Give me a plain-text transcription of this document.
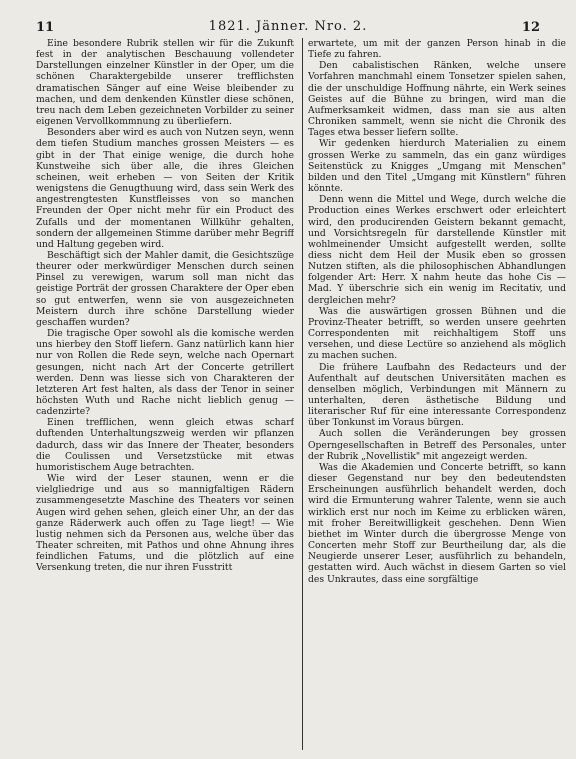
11	1821. Jänner. Nro. 2.	12

Eine besondere Rubrik stellen wir für die Zukunft fest in der analytischen Beschauung vollendeter Darstellungen einzelner Künstler in der Oper, um die schönen Charaktergebilde unserer trefflichsten dramatischen Sänger auf eine Weise bleibender zu machen, und dem denkenden Künstler diese schönen, treu nach dem Leben gezeichneten Vorbilder zu seiner eigenen Vervollkommnung zu überliefern.

Besonders aber wird es auch von Nutzen seyn, wenn dem tiefen Studium manches grossen Meisters — es gibt in der That einige wenige, die durch hohe Kunstweihe sich über alle, die ihres Gleichen scheinen, weit erheben — von Seiten der Kritik wenigstens die Genugthuung wird, dass sein Werk des angestrengtesten Kunstfleisses von so manchen Freunden der Oper nicht mehr für ein Product des Zufalls und der momentanen Willkühr gehalten, sondern der allgemeinen Stimme darüber mehr Begriff und Haltung gegeben wird.

Beschäftigt sich der Mahler damit, die Gesichtszüge theurer oder merkwürdiger Menschen durch seinen Pinsel zu verewigen, warum soll man nicht das geistige Porträt der grossen Charaktere der Oper eben so gut entwerfen, wenn sie von ausgezeichneten Meistern durch ihre schöne Darstellung wieder geschaffen wurden?

Die tragische Oper sowohl als die komische werden uns hierbey den Stoff liefern. Ganz natürlich kann hier nur von Rollen die Rede seyn, welche nach Opernart gesungen, nicht nach Art der Concerte getrillert werden. Denn was liesse sich von Charakteren der letzteren Art fest halten, als dass der Tenor in seiner höchsten Wuth und Rache nicht lieblich genug — cadenzirte?

Einen trefflichen, wenn gleich etwas scharf duftenden Unterhaltungszweig werden wir pflanzen dadurch, dass wir das Innere der Theater, besonders die Coulissen und Versetzstücke mit etwas humoristischem Auge betrachten.

Wie wird der Leser staunen, wenn er die vielgliedrige und aus so mannigfaltigen Rädern zusammengesetzte Maschine des Theaters vor seinen Augen wird gehen sehen, gleich einer Uhr, an der das ganze Räderwerk auch offen zu Tage liegt! — Wie lustig nehmen sich da Personen aus, welche über das Theater schreiten, mit Pathos und ohne Ahnung ihres feindlichen Fatums, und die plötzlich auf eine Versenkung treten, die nur ihren Fusstritt

erwartete, um mit der ganzen Person hinab in die Tiefe zu fahren.

Den cabalistischen Ränken, welche unsere Vorfahren manchmahl einem Tonsetzer spielen sahen, die der unschuldige Hoffnung nährte, ein Werk seines Geistes auf die Bühne zu bringen, wird man die Aufmerksamkeit widmen, dass man sie aus alten Chroniken sammelt, wenn sie nicht die Chronik des Tages etwa besser liefern sollte.

Wir gedenken hierdurch Materialien zu einem grossen Werke zu sammeln, das ein ganz würdiges Seitenstück zu Knigges „Umgang mit Menschen" bilden und den Titel „Umgang mit Künstlern" führen könnte.

Denn wenn die Mittel und Wege, durch welche die Production eines Werkes erschwert oder erleichtert wird, den producirenden Geistern bekannt gemacht, und Vorsichtsregeln für darstellende Künstler mit wohlmeinender Umsicht aufgestellt werden, sollte diess nicht dem Heil der Musik eben so grossen Nutzen stiften, als die philosophischen Abhandlungen folgender Art: Herr. X nahm heute das hohe Cis — Mad. Y überschrie sich ein wenig im Recitativ, und dergleichen mehr?

Was die auswärtigen grossen Bühnen und die Provinz-Theater betrifft, so werden unsere geehrten Correspondenten mit reichhaltigem Stoff uns versehen, und diese Lectüre so anziehend als möglich zu machen suchen.

Die frühere Laufbahn des Redacteurs und der Aufenthalt auf deutschen Universitäten machen es denselben möglich, Verbindungen mit Männern zu unterhalten, deren ästhetische Bildung und literarischer Ruf für eine interessante Correspondenz über Tonkunst im Voraus bürgen.

Auch sollen die Veränderungen bey grossen Operngesellschaften in Betreff des Personales, unter der Rubrik „Novellistik" mit angezeigt werden.

Was die Akademien und Concerte betrifft, so kann dieser Gegenstand nur bey den bedeutendsten Erscheinungen ausführlich behandelt werden, doch wird die Ermunterung wahrer Talente, wenn sie auch wirklich erst nur noch im Keime zu erblicken wären, mit froher Bereitwilligkeit geschehen. Denn Wien biethet im Winter durch die übergrosse Menge von Concerten mehr Stoff zur Beurtheilung dar, als die Neugierde unserer Leser, ausführlich zu behandeln, gestatten wird. Auch wächst in diesem Garten so viel des Unkrautes, dass eine sorgfältige
